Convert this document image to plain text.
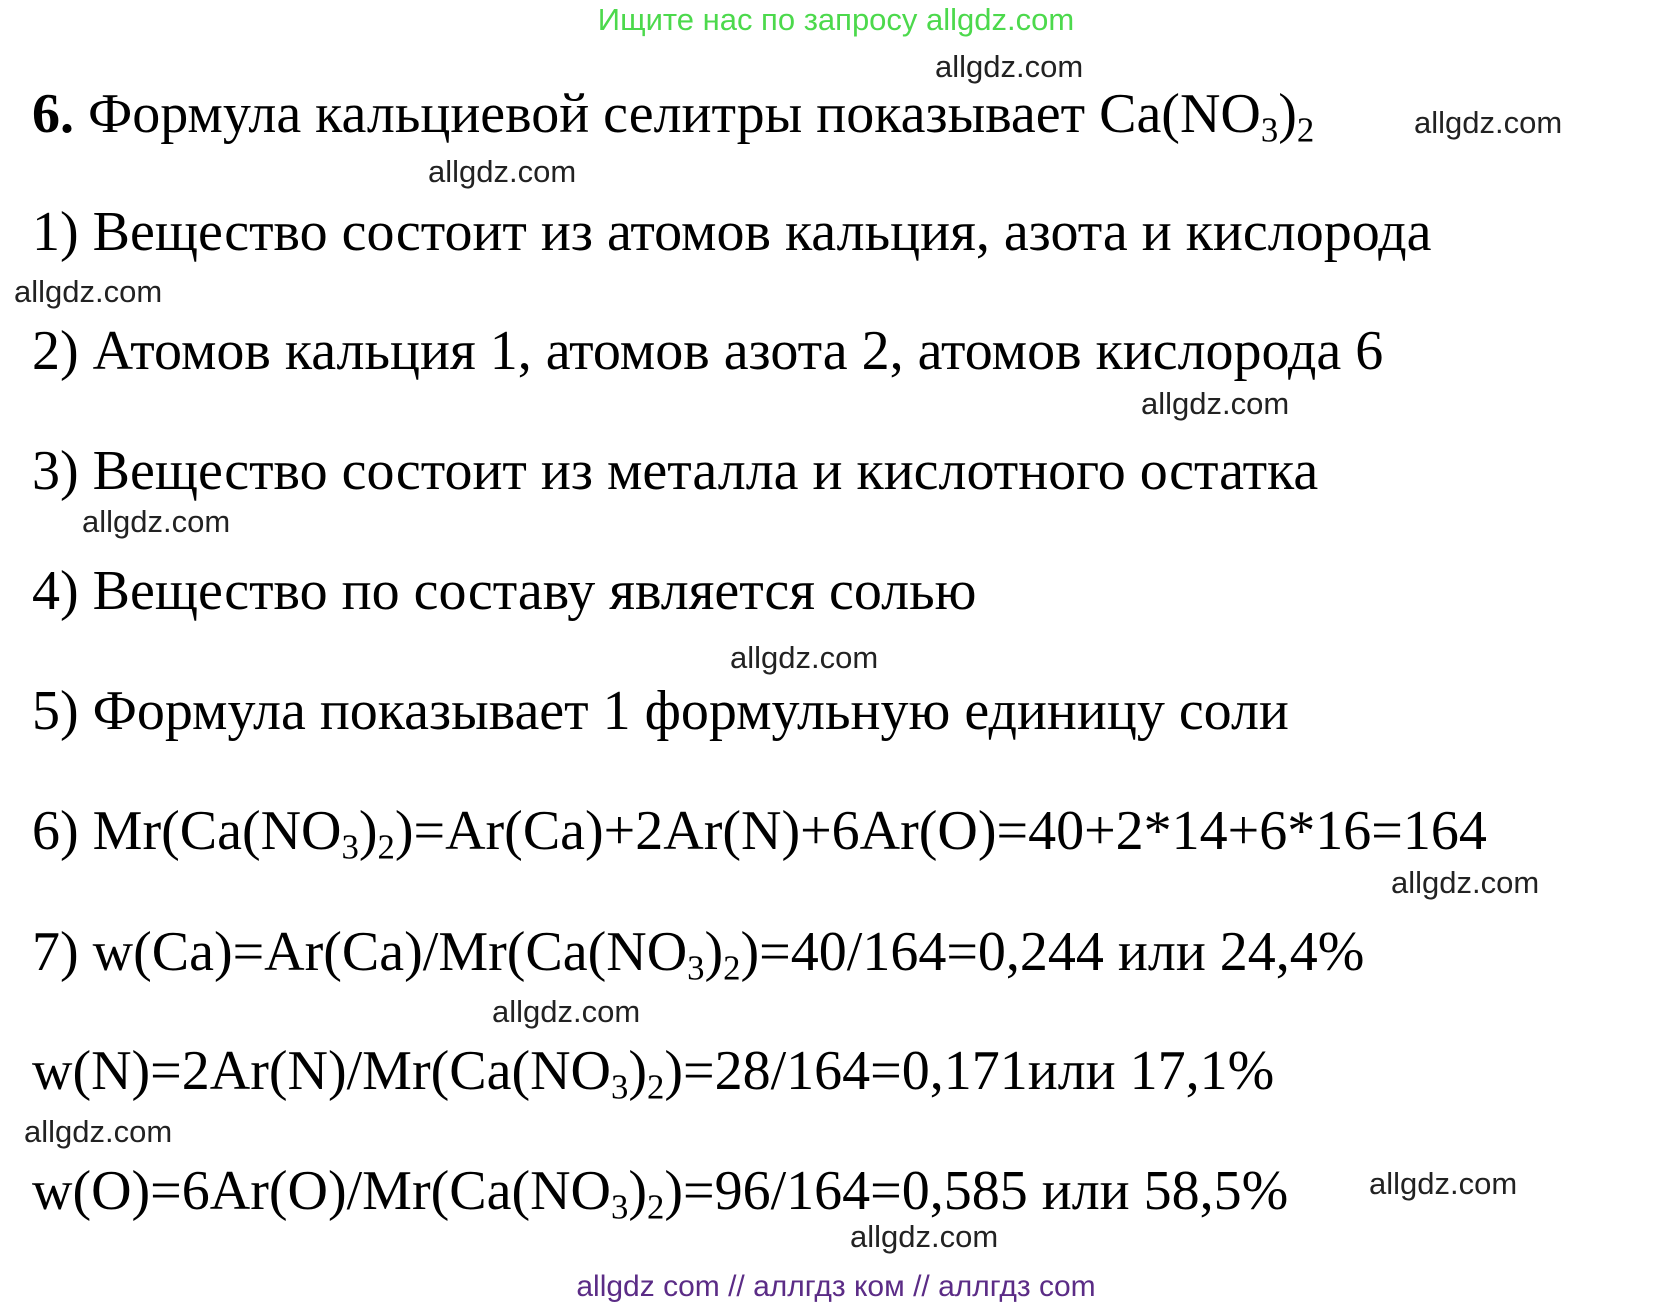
Ищите нас по запросу allgdz.com
6. Формула кальциевой селитры показывает $Ca(NO_3)_2$
1) Вещество состоит из атомов кальция, азота и кислорода
2) Атомов кальция 1, атомов азота 2, атомов кислорода 6
3) Вещество состоит из металла и кислотного остатка
4) Вещество по составу является солью
5) Формула показывает 1 формульную единицу соли
6) $Mr(Ca(NO_3)_2)=Ar(Ca)+2Ar(N)+6Ar(O)=40+2*14+6*16=164$
7) $w(Ca)=Ar(Ca)/Mr(Ca(NO_3)_2)=40/164=0,244$ или 24,4%
$w(N)=2Ar(N)/Mr(Ca(NO_3)_2)=28/164=0,171или$ 17,1%
$w(O)=6Ar(O)/Mr(Ca(NO_3)_2)=96/164=0,585$ или 58,5%
allgdz.com
allgdz.com
allgdz.com
allgdz.com
allgdz.com
allgdz.com
allgdz.com
allgdz.com
allgdz.com
allgdz.com
allgdz.com
allgdz.com
allgdz com // аллгдз ком // аллгдз com
